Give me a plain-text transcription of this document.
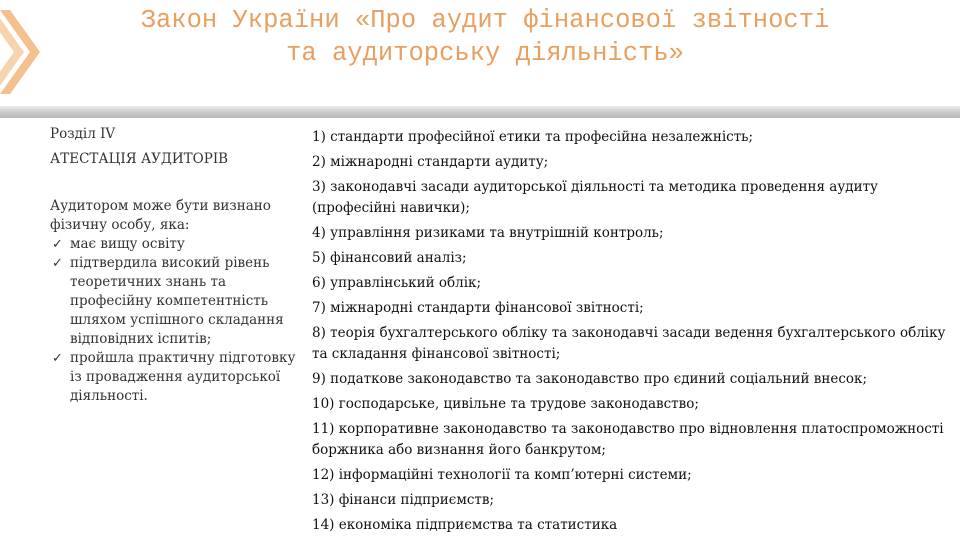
Закон України «Про аудит фінансової звітності
та аудиторську діяльність»
Розділ IV
АТЕСТАЦІЯ АУДИТОРІВ
Аудитором може бути визнано фізичну особу, яка:
✓ має вищу освіту
✓ підтвердила високий рівень теоретичних знань та професійну компетентність шляхом успішного складання відповідних іспитів;
✓ пройшла практичну підготовку із провадження аудиторської діяльності.
1) стандарти професійної етики та професійна незалежність;
2) міжнародні стандарти аудиту;
3) законодавчі засади аудиторської діяльності та методика проведення аудиту (професійні навички);
4) управління ризиками та внутрішній контроль;
5) фінансовий аналіз;
6) управлінський облік;
7) міжнародні стандарти фінансової звітності;
8) теорія бухгалтерського обліку та законодавчі засади ведення бухгалтерського обліку та складання фінансової звітності;
9) податкове законодавство та законодавство про єдиний соціальний внесок;
10) господарське, цивільне та трудове законодавство;
11) корпоративне законодавство та законодавство про відновлення платоспроможності боржника або визнання його банкрутом;
12) інформаційні технології та комп’ютерні системи;
13) фінанси підприємств;
14) економіка підприємства та статистика
